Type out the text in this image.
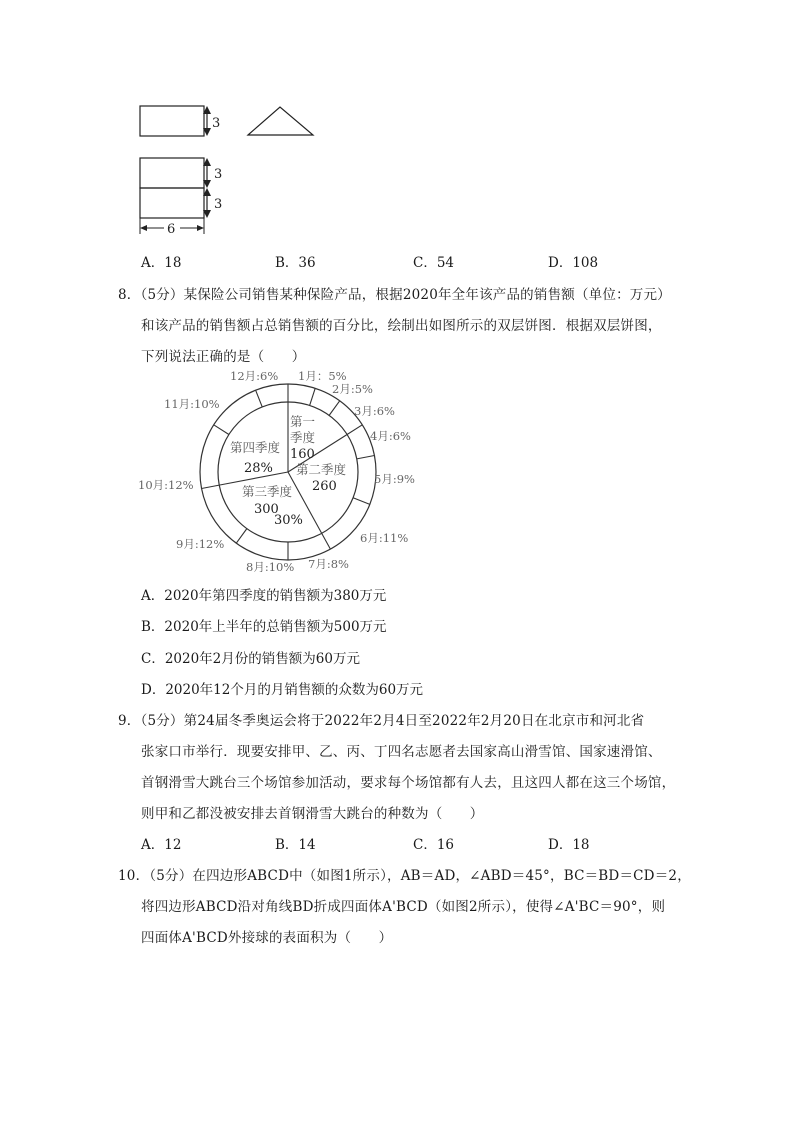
3
3
3
6
A．18	B．36	C．54	D．108
8．（5分）某保险公司销售某种保险产品，根据2020年全年该产品的销售额（单位：万元）
和该产品的销售额占总销售额的百分比，绘制出如图所示的双层饼图．根据双层饼图，
下列说法正确的是（　　）
第一
季度
160
第二季度
260
第三季度
300
30%
第四季度
28%
1月：5%
2月:5%
3月:6%
4月:6%
5月:9%
6月:11%
7月:8%
8月:10%
9月:12%
10月:12%
11月:10%
12月:6%
A．2020年第四季度的销售额为380万元
B．2020年上半年的总销售额为500万元
C．2020年2月份的销售额为60万元
D．2020年12个月的月销售额的众数为60万元
9．（5分）第24届冬季奥运会将于2022年2月4日至2022年2月20日在北京市和河北省
张家口市举行．现要安排甲、乙、丙、丁四名志愿者去国家高山滑雪馆、国家速滑馆、
首钢滑雪大跳台三个场馆参加活动，要求每个场馆都有人去，且这四人都在这三个场馆，
则甲和乙都没被安排去首钢滑雪大跳台的种数为（　　）
A．12	B．14	C．16	D．18
10．（5分）在四边形ABCD中（如图1所示），AB＝AD，∠ABD＝45°，BC＝BD＝CD＝2，
将四边形ABCD沿对角线BD折成四面体A'BCD（如图2所示），使得∠A'BC＝90°，则
四面体A'BCD外接球的表面积为（　　）
